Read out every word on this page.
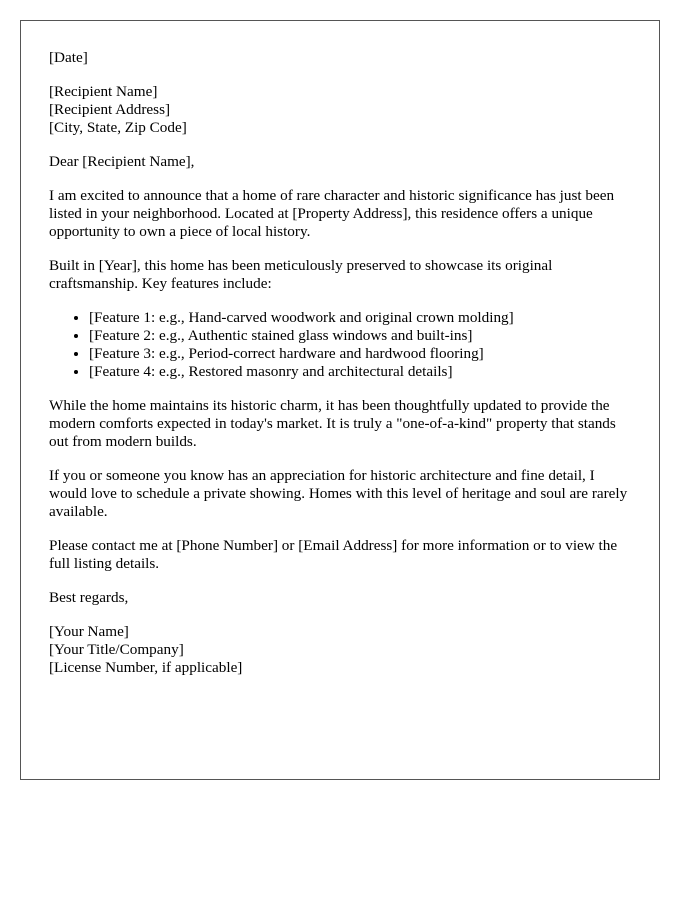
[Date]
[Recipient Name]
[Recipient Address]
[City, State, Zip Code]

Dear [Recipient Name],

I am excited to announce that a home of rare character and historic significance has just been listed in your neighborhood. Located at [Property Address], this residence offers a unique opportunity to own a piece of local history.

Built in [Year], this home has been meticulously preserved to showcase its original craftsmanship. Key features include:

• [Feature 1: e.g., Hand-carved woodwork and original crown molding]
• [Feature 2: e.g., Authentic stained glass windows and built-ins]
• [Feature 3: e.g., Period-correct hardware and hardwood flooring]
• [Feature 4: e.g., Restored masonry and architectural details]

While the home maintains its historic charm, it has been thoughtfully updated to provide the modern comforts expected in today's market. It is truly a "one-of-a-kind" property that stands out from modern builds.

If you or someone you know has an appreciation for historic architecture and fine detail, I would love to schedule a private showing. Homes with this level of heritage and soul are rarely available.

Please contact me at [Phone Number] or [Email Address] for more information or to view the full listing details.

Best regards,

[Your Name]
[Your Title/Company]
[License Number, if applicable]
